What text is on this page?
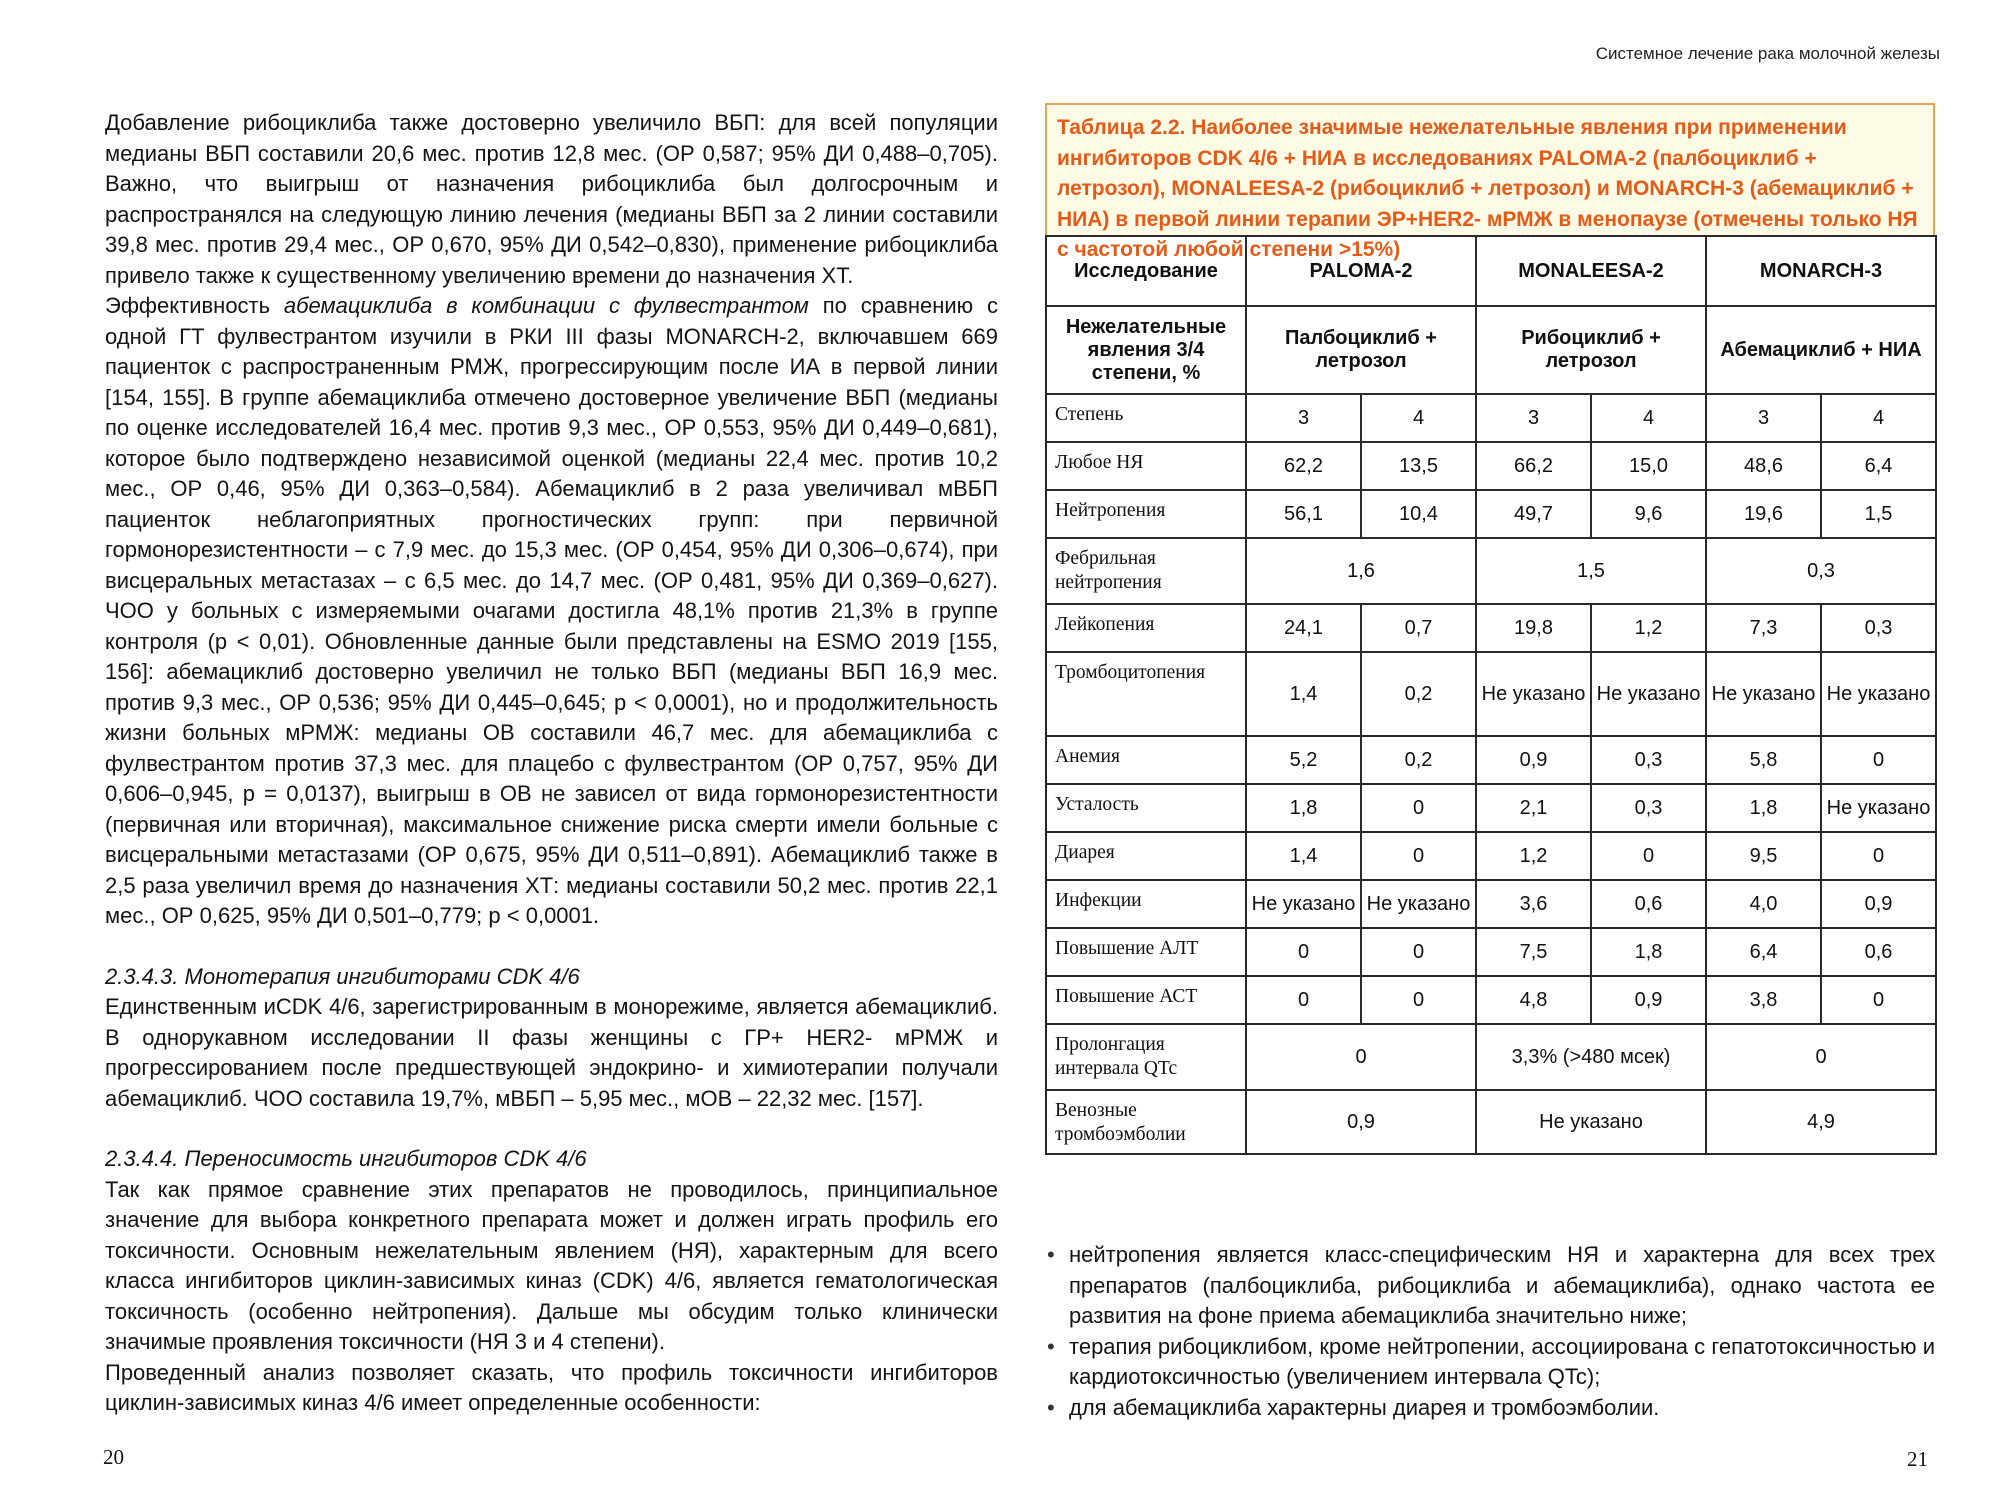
Системное лечение рака молочной железы

Добавление рибоциклиба также достоверно увеличило ВБП: для всей популяции медианы ВБП составили 20,6 мес. против 12,8 мес. (ОР 0,587; 95% ДИ 0,488–0,705). Важно, что выигрыш от назначения рибоциклиба был долгосрочным и распространялся на следующую линию лечения (медианы ВБП за 2 линии составили 39,8 мес. против 29,4 мес., ОР 0,670, 95% ДИ 0,542–0,830), применение рибоциклиба привело также к существенному увеличению времени до назначения ХТ.

Эффективность абемациклиба в комбинации с фулвестрантом по сравнению с одной ГТ фулвестрантом изучили в РКИ III фазы MONARCH-2, включавшем 669 пациенток с распространенным РМЖ, прогрессирующим после ИА в первой линии [154, 155]. В группе абемациклиба отмечено достоверное увеличение ВБП (медианы по оценке исследователей 16,4 мес. против 9,3 мес., ОР 0,553, 95% ДИ 0,449–0,681), которое было подтверждено независимой оценкой (медианы 22,4 мес. против 10,2 мес., ОР 0,46, 95% ДИ 0,363–0,584). Абемациклиб в 2 раза увеличивал мВБП пациенток неблагоприятных прогностических групп: при первичной гормонорезистентности – с 7,9 мес. до 15,3 мес. (ОР 0,454, 95% ДИ 0,306–0,674), при висцеральных метастазах – с 6,5 мес. до 14,7 мес. (ОР 0,481, 95% ДИ 0,369–0,627). ЧОО у больных с измеряемыми очагами достигла 48,1% против 21,3% в группе контроля (p < 0,01). Обновленные данные были представлены на ESMO 2019 [155, 156]: абемациклиб достоверно увеличил не только ВБП (медианы ВБП 16,9 мес. против 9,3 мес., ОР 0,536; 95% ДИ 0,445–0,645; p < 0,0001), но и продолжительность жизни больных мРМЖ: медианы ОВ составили 46,7 мес. для абемациклиба с фулвестрантом против 37,3 мес. для плацебо с фулвестрантом (ОР 0,757, 95% ДИ 0,606–0,945, p = 0,0137), выигрыш в ОВ не зависел от вида гормонорезистентности (первичная или вторичная), максимальное снижение риска смерти имели больные с висцеральными метастазами (ОР 0,675, 95% ДИ 0,511–0,891). Абемациклиб также в 2,5 раза увеличил время до назначения ХТ: медианы составили 50,2 мес. против 22,1 мес., ОР 0,625, 95% ДИ 0,501–0,779; p < 0,0001.

2.3.4.3. Монотерапия ингибиторами CDK 4/6

Единственным иCDK 4/6, зарегистрированным в монорежиме, является абемациклиб. В однорукавном исследовании II фазы женщины с ГР+ HER2- мРМЖ и прогрессированием после предшествующей эндокрино- и химиотерапии получали абемациклиб. ЧОО составила 19,7%, мВБП – 5,95 мес., мОВ – 22,32 мес. [157].

2.3.4.4. Переносимость ингибиторов CDK 4/6

Так как прямое сравнение этих препаратов не проводилось, принципиальное значение для выбора конкретного препарата может и должен играть профиль его токсичности. Основным нежелательным явлением (НЯ), характерным для всего класса ингибиторов циклин-зависимых киназ (CDK) 4/6, является гематологическая токсичность (особенно нейтропения). Дальше мы обсудим только клинически значимые проявления токсичности (НЯ 3 и 4 степени).

Проведенный анализ позволяет сказать, что профиль токсичности ингибиторов циклин-зависимых киназ 4/6 имеет определенные особенности:

Таблица 2.2. Наиболее значимые нежелательные явления при применении ингибиторов CDK 4/6 + НИА в исследованиях PALOMA-2 (палбоциклиб + летрозол), MONALEESA-2 (рибоциклиб + летрозол) и MONARCH-3 (абемациклиб + НИА) в первой линии терапии ЭР+HER2- мРМЖ в менопаузе (отмечены только НЯ с частотой любой степени >15%)
Исследование	PALOMA-2		MONALEESA-2		MONARCH-3	
Нежелательные явления 3/4 степени, %	Палбоциклиб + летрозол		Рибоциклиб + летрозол		Абемациклиб + НИА	
Степень	3	4	3	4	3	4
Любое НЯ	62,2	13,5	66,2	15,0	48,6	6,4
Нейтропения	56,1	10,4	49,7	9,6	19,6	1,5
Фебрильная нейтропения	1,6		1,5		0,3	
Лейкопения	24,1	0,7	19,8	1,2	7,3	0,3
Тромбоцитопения	1,4	0,2	Не указано	Не указано	Не указано	Не указано
Анемия	5,2	0,2	0,9	0,3	5,8	0
Усталость	1,8	0	2,1	0,3	1,8	Не указано
Диарея	1,4	0	1,2	0	9,5	0
Инфекции	Не указано	Не указано	3,6	0,6	4,0	0,9
Повышение АЛТ	0	0	7,5	1,8	6,4	0,6
Повышение АСТ	0	0	4,8	0,9	3,8	0
Пролонгация интервала QTc	0		3,3% (>480 мсек)		0	
Венозные тромбоэмболии	0,9		Не указано		4,9	

• нейтропения является класс-специфическим НЯ и характерна для всех трех препаратов (палбоциклиба, рибоциклиба и абемациклиба), однако частота ее развития на фоне приема абемациклиба значительно ниже;

• терапия рибоциклибом, кроме нейтропении, ассоциирована с гепатотоксичностью и кардиотоксичностью (увеличением интервала QTc);

• для абемациклиба характерны диарея и тромбоэмболии.

20	21
